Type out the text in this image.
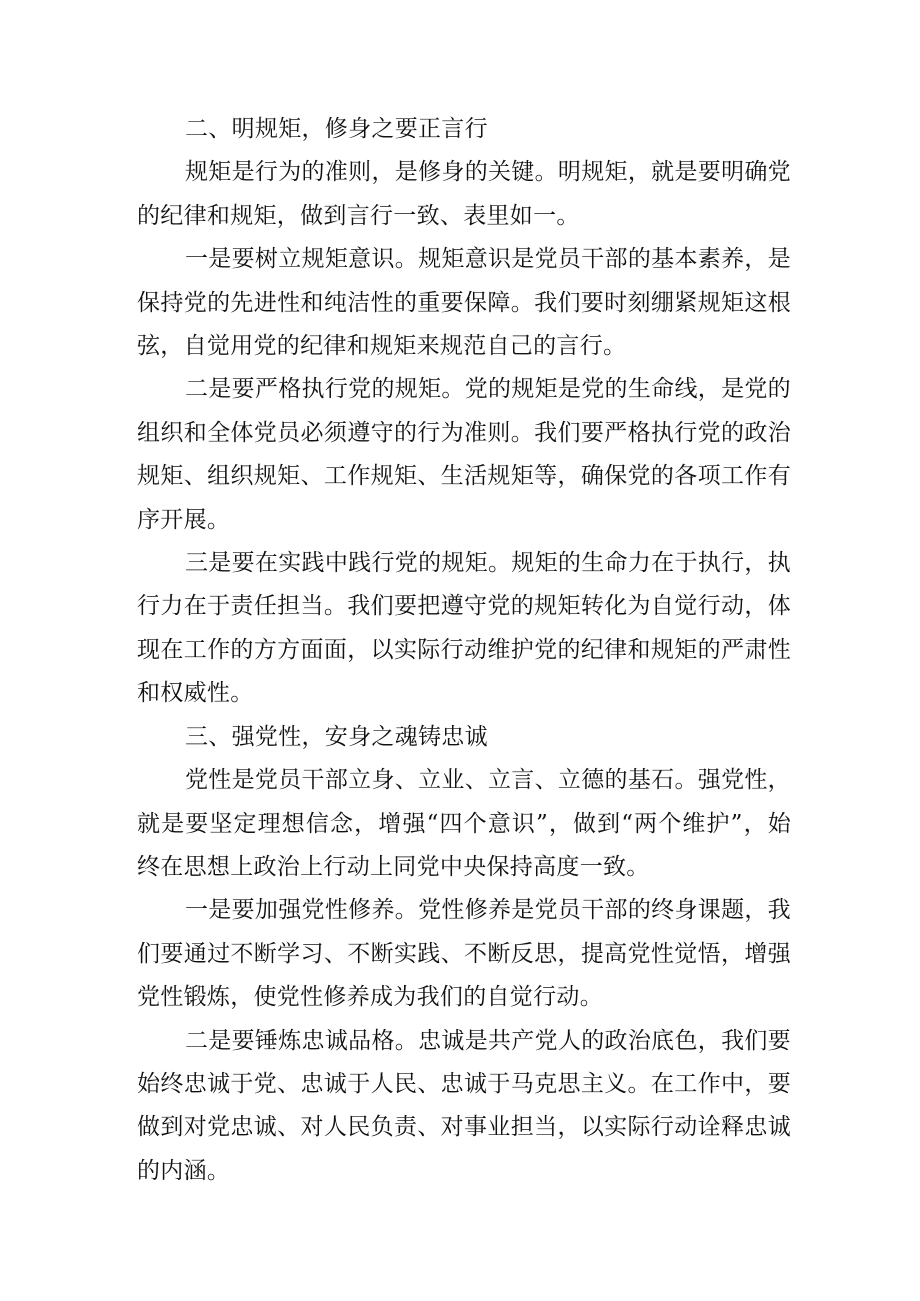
二、明规矩，修身之要正言行

规矩是行为的准则，是修身的关键。明规矩，就是要明确党的纪律和规矩，做到言行一致、表里如一。

一是要树立规矩意识。规矩意识是党员干部的基本素养，是保持党的先进性和纯洁性的重要保障。我们要时刻绷紧规矩这根弦，自觉用党的纪律和规矩来规范自己的言行。

二是要严格执行党的规矩。党的规矩是党的生命线，是党的组织和全体党员必须遵守的行为准则。我们要严格执行党的政治规矩、组织规矩、工作规矩、生活规矩等，确保党的各项工作有序开展。

三是要在实践中践行党的规矩。规矩的生命力在于执行，执行力在于责任担当。我们要把遵守党的规矩转化为自觉行动，体现在工作的方方面面，以实际行动维护党的纪律和规矩的严肃性和权威性。

三、强党性，安身之魂铸忠诚

党性是党员干部立身、立业、立言、立德的基石。强党性，就是要坚定理想信念，增强“四个意识”，做到“两个维护”，始终在思想上政治上行动上同党中央保持高度一致。

一是要加强党性修养。党性修养是党员干部的终身课题，我们要通过不断学习、不断实践、不断反思，提高党性觉悟，增强党性锻炼，使党性修养成为我们的自觉行动。

二是要锤炼忠诚品格。忠诚是共产党人的政治底色，我们要始终忠诚于党、忠诚于人民、忠诚于马克思主义。在工作中，要做到对党忠诚、对人民负责、对事业担当，以实际行动诠释忠诚的内涵。
